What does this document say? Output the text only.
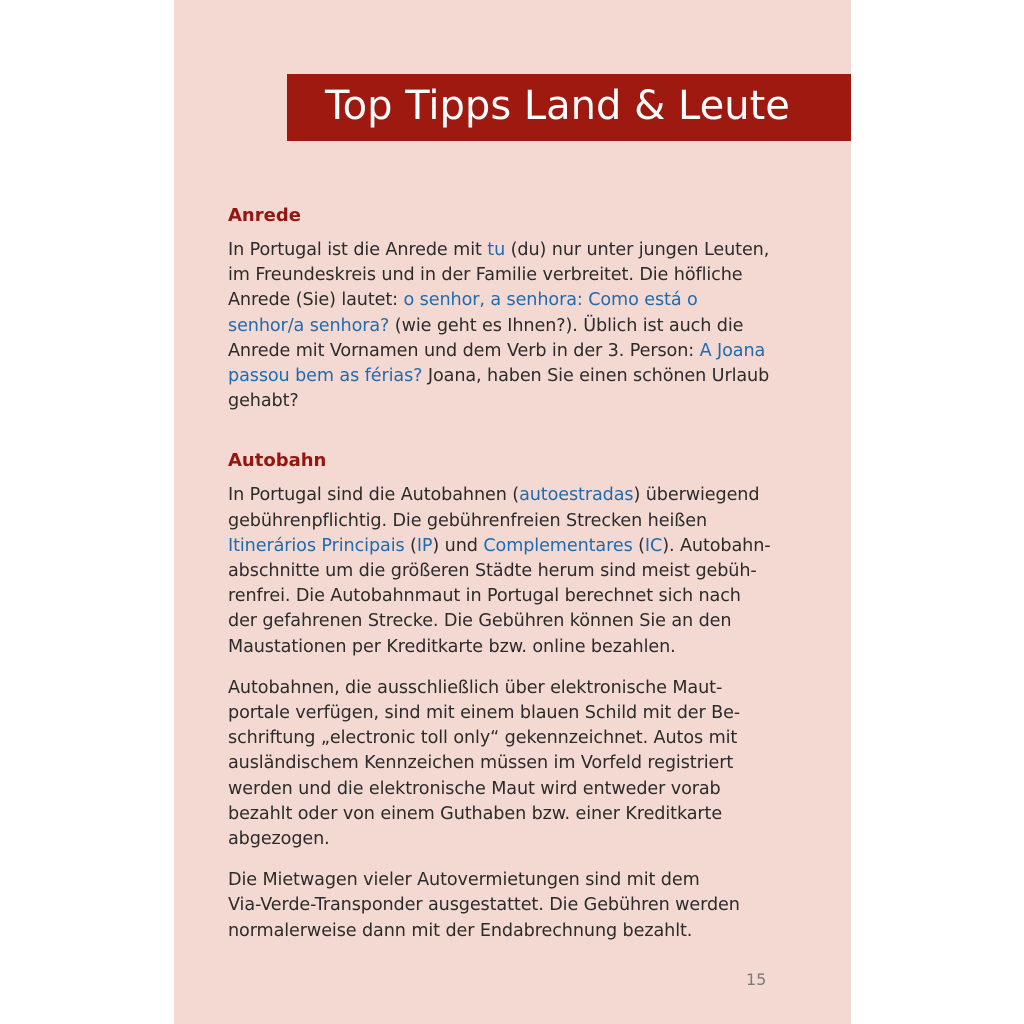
Top Tipps Land & Leute
Anrede

In Portugal ist die Anrede mit tu (du) nur unter jungen Leuten,
im Freundeskreis und in der Familie verbreitet. Die höfliche
Anrede (Sie) lautet: o senhor, a senhora: Como está o
senhor/a senhora? (wie geht es Ihnen?). Üblich ist auch die
Anrede mit Vornamen und dem Verb in der 3. Person: A Joana
passou bem as férias? Joana, haben Sie einen schönen Urlaub
gehabt?

Autobahn

In Portugal sind die Autobahnen (autoestradas) überwiegend
gebührenpflichtig. Die gebührenfreien Strecken heißen
Itinerários Principais (IP) und Complementares (IC). Autobahn-
abschnitte um die größeren Städte herum sind meist gebüh-
renfrei. Die Autobahnmaut in Portugal berechnet sich nach
der gefahrenen Strecke. Die Gebühren können Sie an den
Maustationen per Kreditkarte bzw. online bezahlen.

Autobahnen, die ausschließlich über elektronische Maut-
portale verfügen, sind mit einem blauen Schild mit der Be-
schriftung „electronic toll only“ gekennzeichnet. Autos mit
ausländischem Kennzeichen müssen im Vorfeld registriert
werden und die elektronische Maut wird entweder vorab
bezahlt oder von einem Guthaben bzw. einer Kreditkarte
abgezogen.

Die Mietwagen vieler Autovermietungen sind mit dem
Via-Verde-Transponder ausgestattet. Die Gebühren werden
normalerweise dann mit der Endabrechnung bezahlt.

15
